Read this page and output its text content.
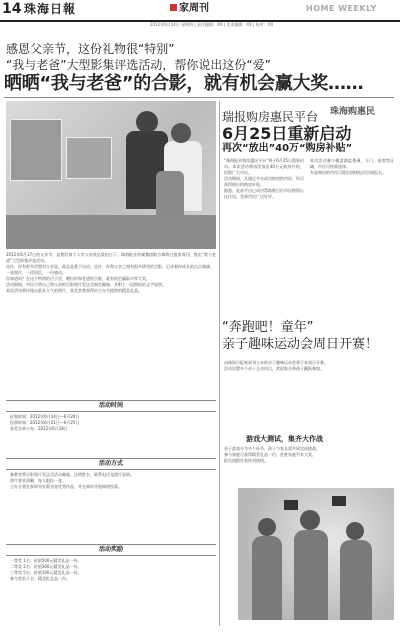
14 珠海日報	家周刊	HOME WEEKLY
2012年6月14日 星期四 | 责任编辑：XX | 美术编辑：XX | 校对：XX
感恩父亲节，这份礼物很“特别”
“我与老爸”大型影集评选活动，帮你说出这份“爱”
晒晒“我与老爸”的合影，就有机会赢大奖……
2012年6月17日的父亲节，是我们每个人对父亲表达爱的日子。珠海报业传媒集团联合珠海日报家周刊，推出“我与老爸”大型影集评选活动。
也许，你有很多话想对父亲说，却总是羞于启齿；也许，你和父亲之间有很多珍贵的合影，记录着你成长的点点滴滴。
一张照片，一段回忆，一份感动。
你知道吗？在这个特别的日子里，晒出你和老爸的合影，就有机会赢取丰厚大奖。
活动期间，市民可将自己和父亲的合影照片发送至指定邮箱，并附上一段简短的文字说明。
本次活动将评选出最具人气的照片，获奖者将获得由主办方提供的精美礼品。
活动时间
征集时间：2012年6月14日—6月20日
投票时间：2012年6月21日—6月25日
获奖名单公布：2012年6月28日
活动方式
参赛者将合影照片发送至活动邮箱，注明姓名、联系电话及照片说明。
照片要求清晰，每人限投一张。
主办方将在家周刊专版刊登优秀作品，并在网站开展网络投票。
活动奖励
一等奖 1名：价值500元精美礼品一份。
二等奖 2名：价值300元精美礼品一份。
三等奖 5名：价值100元精美礼品一份。
参与奖若干名：精美纪念品一份。
瑞报购房惠民平台
6月25日重新启动
再次“放出”40万“购房补贴”
珠海购惠民
“珠海报业购房惠民平台”将于6月25日重新启动。本次活动将再次放出40万元购房补贴，回馈广大市民。
活动期间，凡通过平台成功购房的市民，均可获得相应的购房补贴。
据悉，此前平台已成功帮助数百位市民购得心仪住房，受到市民广泛好评。
本次活动参与楼盘涵盖香洲、斗门、金湾等区域，市民可按需选择。
有意购房的市民可拨打热线电话咨询报名。
“奔跑吧！童年”
亲子趣味运动会周日开赛！
由珠海日报家周刊主办的亲子趣味运动会将于本周日开赛。
活动设置多个亲子互动项目，欢迎家长带孩子踊跃参加。
游戏大测试，集齐大作战
亲子游戏分为多个环节，孩子与家长需共同完成挑战。
参与家庭可获得精美礼品一份，优胜家庭另有大奖。
报名请拨打家周刊热线。
